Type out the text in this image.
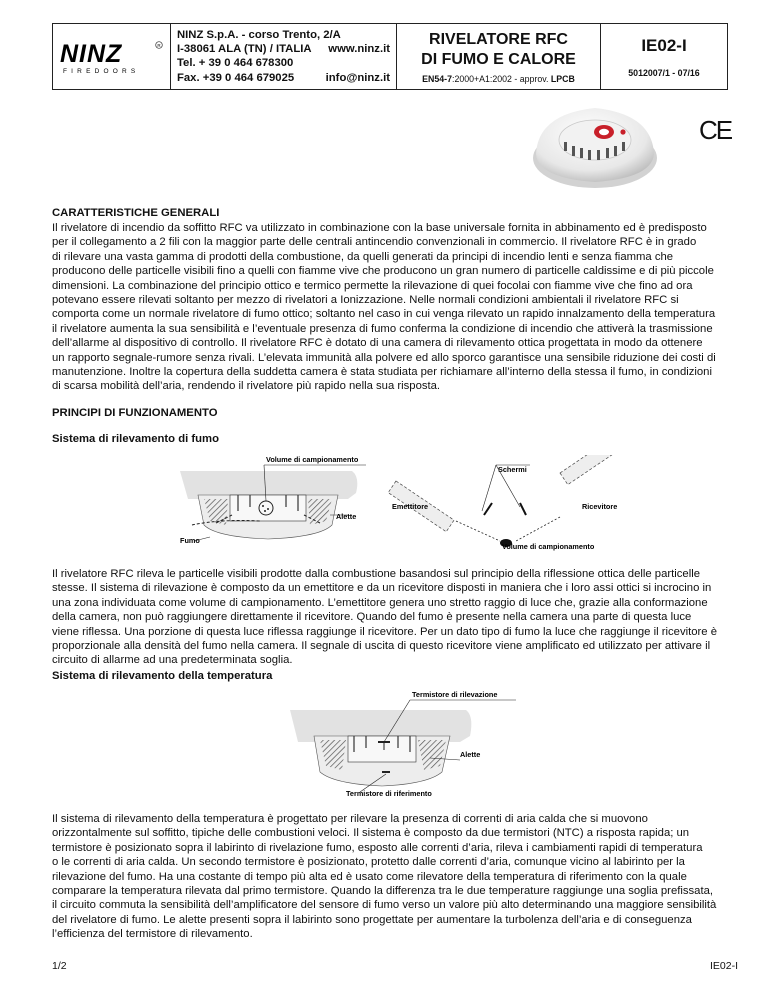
NINZ
FIREDOORS
R
NINZ S.p.A. - corso Trento, 2/A
I-38061 ALA (TN) / ITALIA www.ninz.it
Tel. + 39 0 464 678300
Fax. +39 0 464 679025	info@ninz.it
RIVELATORE RFC
DI FUMO E CALORE
EN54-7:2000+A1:2002 - approv. LPCB
IE02-I
5012007/1 - 07/16
CE
CARATTERISTICHE GENERALI
Il rivelatore di incendio da soffitto RFC va utilizzato in combinazione con la base universale fornita in abbinamento ed è predisposto
per il collegamento a 2 fili con la maggior parte delle centrali antincendio convenzionali in commercio. Il rivelatore RFC è in grado
di rilevare una vasta gamma di prodotti della combustione, da quelli generati da principi di incendio lenti e senza fiamma che
producono delle particelle visibili fino a quelli con fiamme vive che producono un gran numero di particelle caldissime e di più piccole
dimensioni. La combinazione del principio ottico e termico permette la rilevazione di quei focolai con fiamme vive che fino ad ora
potevano essere rilevati soltanto per mezzo di rivelatori a Ionizzazione. Nelle normali condizioni ambientali il rivelatore RFC si
comporta come un normale rivelatore di fumo ottico; soltanto nel caso in cui venga rilevato un rapido innalzamento della temperatura
il rivelatore aumenta la sua sensibilità e l’eventuale presenza di fumo conferma la condizione di incendio che attiverà la trasmissione
dell’allarme al dispositivo di controllo. Il rivelatore RFC è dotato di una camera di rilevamento ottica progettata in modo da ottenere
un rapporto segnale-rumore senza rivali. L’elevata immunità alla polvere ed allo sporco garantisce una sensibile riduzione dei costi di
manutenzione. Inoltre la copertura della suddetta camera è stata studiata per richiamare all’interno della stessa il fumo, in condizioni
di scarsa mobilità dell’aria, rendendo il rivelatore più rapido nella sua risposta.
PRINCIPI DI FUNZIONAMENTO
Sistema di rilevamento di fumo
Volume di campionamento
Alette
Fumo
Schermi
Emettitore	Ricevitore
Volume di campionamento
Il rivelatore RFC rileva le particelle visibili prodotte dalla combustione basandosi sul principio della riflessione ottica delle particelle
stesse. Il sistema di rilevazione è composto da un emettitore e da un ricevitore disposti in maniera che i loro assi ottici si incrocino in
una zona individuata come volume di campionamento. L’emettitore genera uno stretto raggio di luce che, grazie alla conformazione
della camera, non può raggiungere direttamente il ricevitore. Quando del fumo è presente nella camera una parte di questa luce
viene riflessa. Una porzione di questa luce riflessa raggiunge il ricevitore. Per un dato tipo di fumo la luce che raggiunge il ricevitore è
proporzionale alla densità del fumo nella camera. Il segnale di uscita di questo ricevitore viene amplificato ed utilizzato per attivare il
circuito di allarme ad una predeterminata soglia.
Sistema di rilevamento della temperatura
Termistore di rilevazione
Alette
Termistore di riferimento
Il sistema di rilevamento della temperatura è progettato per rilevare la presenza di correnti di aria calda che si muovono
orizzontalmente sul soffitto, tipiche delle combustioni veloci. Il sistema è composto da due termistori (NTC) a risposta rapida; un
termistore è posizionato sopra il labirinto di rivelazione fumo, esposto alle correnti d’aria, rileva i cambiamenti rapidi di temperatura
o le correnti di aria calda. Un secondo termistore è posizionato, protetto dalle correnti d’aria, comunque vicino al labirinto per la
rilevazione del fumo. Ha una costante di tempo più alta ed è usato come rilevatore della temperatura di riferimento con la quale
comparare la temperatura rilevata dal primo termistore. Quando la differenza tra le due temperature raggiunge una soglia prefissata,
il circuito commuta la sensibilità dell’amplificatore del sensore di fumo verso un valore più alto determinando una maggiore sensibilità
del rivelatore di fumo. Le alette presenti sopra il labirinto sono progettate per aumentare la turbolenza dell’aria e di conseguenza
l’efficienza del termistore di rilevamento.
1/2	IE02-I
